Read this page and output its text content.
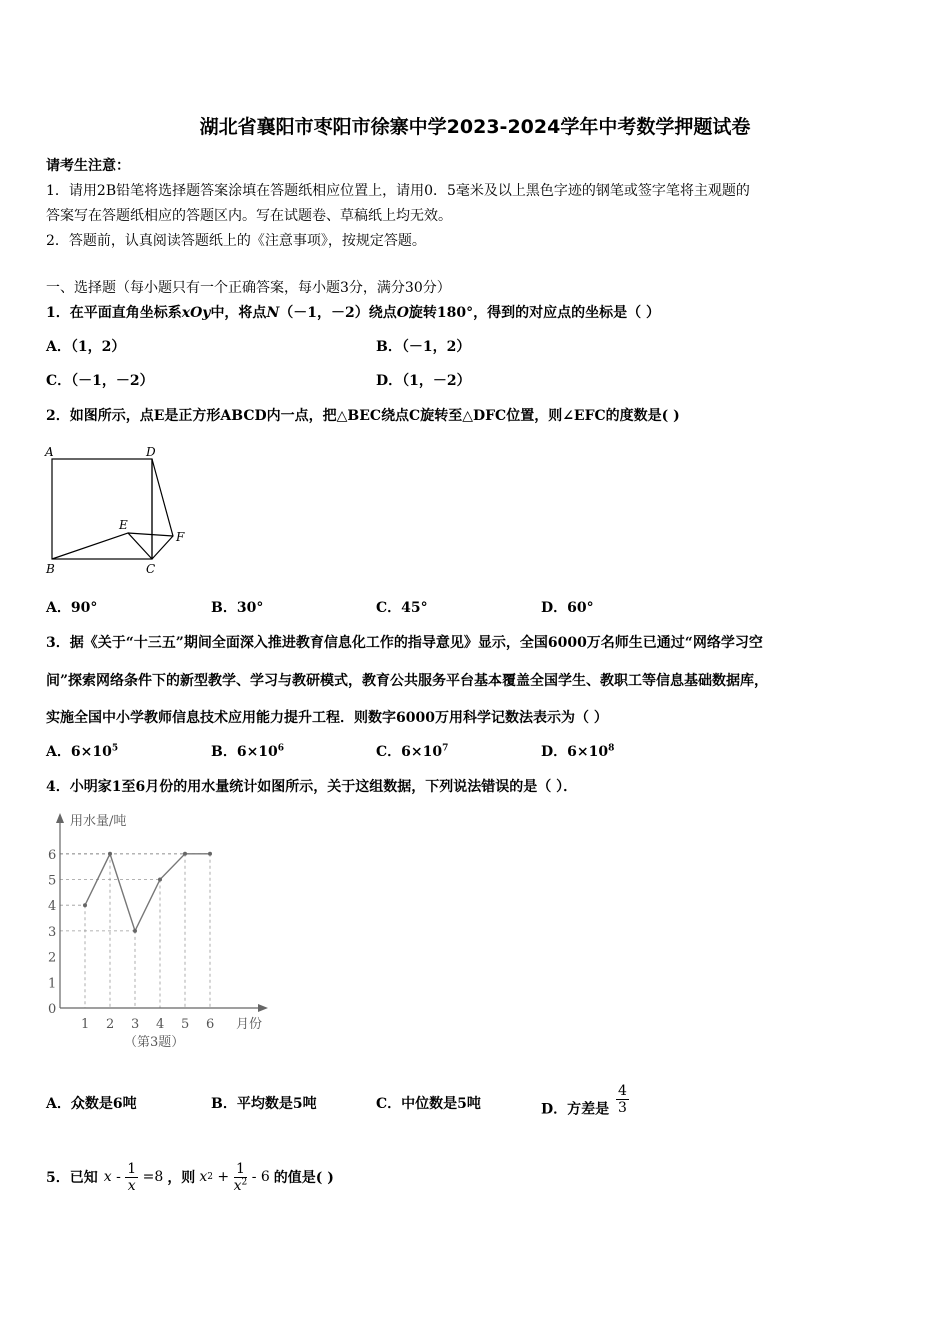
湖北省襄阳市枣阳市徐寨中学2023-2024学年中考数学押题试卷
请考生注意：
1．请用2B铅笔将选择题答案涂填在答题纸相应位置上，请用0．5毫米及以上黑色字迹的钢笔或签字笔将主观题的
答案写在答题纸相应的答题区内。写在试题卷、草稿纸上均无效。
2．答题前，认真阅读答题纸上的《注意事项》，按规定答题。
一、选择题（每小题只有一个正确答案，每小题3分，满分30分）
1．在平面直角坐标系xOy中，将点N（－1，－2）绕点O旋转180°，得到的对应点的坐标是（ ）
A．（1，2）	B．（－1，2）
C．（－1，－2）	D．（1，－2）
2．如图所示，点E是正方形ABCD内一点，把△BEC绕点C旋转至△DFC位置，则∠EFC的度数是( )
A	D
E
F
B	C
A．90°	B．30°	C．45°	D．60°
3．据《关于“十三五”期间全面深入推进教育信息化工作的指导意见》显示，全国6000万名师生已通过“网络学习空
间”探索网络条件下的新型教学、学习与教研模式，教育公共服务平台基本覆盖全国学生、教职工等信息基础数据库，
实施全国中小学教师信息技术应用能力提升工程．则数字6000万用科学记数法表示为（ ）
A．$6\times 10^5$	B．$6\times 10^6$	C．$6\times 10^7$	D．$6\times 10^8$
4．小明家1至6月份的用水量统计如图所示，关于这组数据，下列说法错误的是（ ）．
1
2
3
4
5
6
1 2 3 4 5 6
用水量/吨
月份
0
（第3题）
A．众数是6吨	B．平均数是5吨	C．中位数是5吨	D．方差是 $\frac{4}{3}$
5．已知 x
-
$\frac{1}{x}$
=8 ，则 x 2
+
$\frac{1}{x^2}$
- 6 的值是( )
